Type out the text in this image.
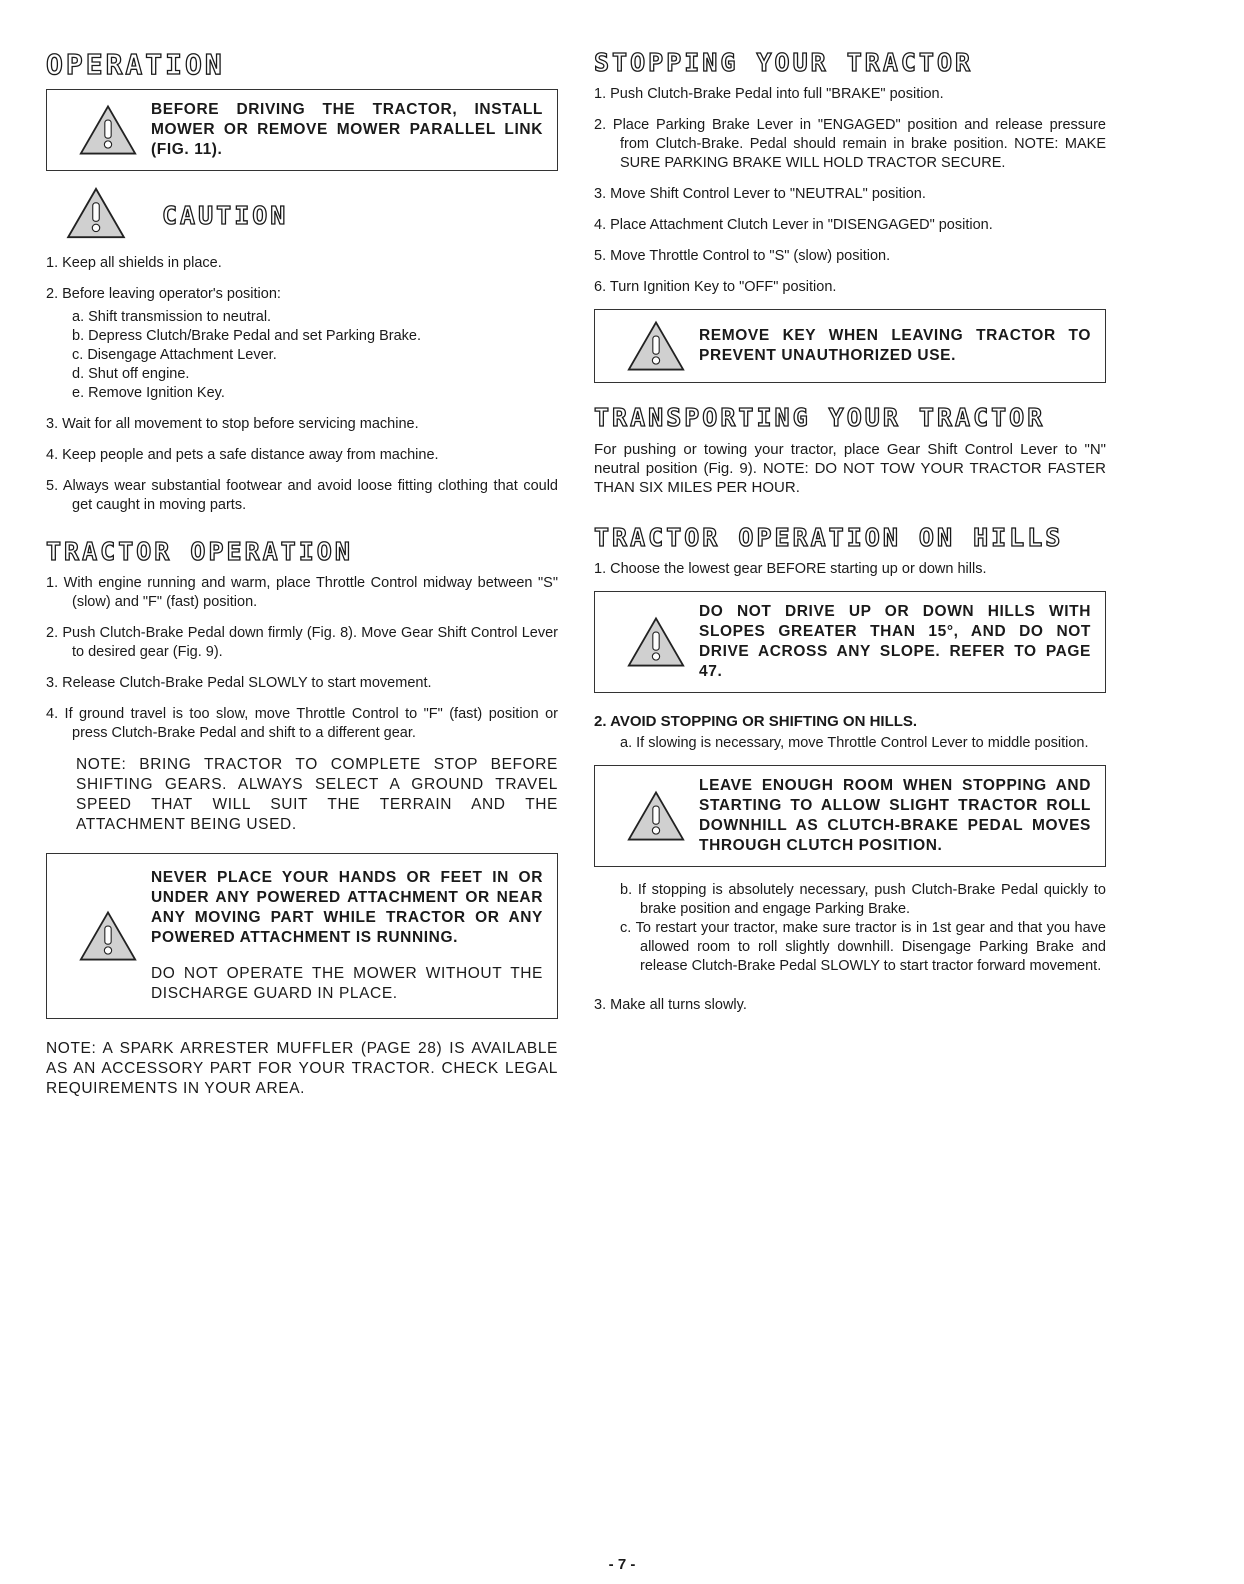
OPERATION

BEFORE DRIVING THE TRACTOR, INSTALL MOWER OR REMOVE MOWER PARALLEL LINK (FIG. 11).

CAUTION

1. Keep all shields in place.

2. Before leaving operator's position:

a. Shift transmission to neutral.
b. Depress Clutch/Brake Pedal and set Parking Brake.
c. Disengage Attachment Lever.
d. Shut off engine.
e. Remove Ignition Key.

3. Wait for all movement to stop before servicing machine.

4. Keep people and pets a safe distance away from machine.

5. Always wear substantial footwear and avoid loose fitting clothing that could get caught in moving parts.

TRACTOR OPERATION

1. With engine running and warm, place Throttle Control midway between "S" (slow) and "F" (fast) position.

2. Push Clutch-Brake Pedal down firmly (Fig. 8). Move Gear Shift Control Lever to desired gear (Fig. 9).

3. Release Clutch-Brake Pedal SLOWLY to start movement.

4. If ground travel is too slow, move Throttle Control to "F" (fast) position or press Clutch-Brake Pedal and shift to a different gear.

NOTE: BRING TRACTOR TO COMPLETE STOP BEFORE SHIFTING GEARS. ALWAYS SELECT A GROUND TRAVEL SPEED THAT WILL SUIT THE TERRAIN AND THE ATTACHMENT BEING USED.

NEVER PLACE YOUR HANDS OR FEET IN OR UNDER ANY POWERED ATTACHMENT OR NEAR ANY MOVING PART WHILE TRACTOR OR ANY POWERED ATTACHMENT IS RUNNING.

DO NOT OPERATE THE MOWER WITHOUT THE DISCHARGE GUARD IN PLACE.

NOTE: A SPARK ARRESTER MUFFLER (PAGE 28) IS AVAILABLE AS AN ACCESSORY PART FOR YOUR TRACTOR. CHECK LEGAL REQUIREMENTS IN YOUR AREA.

STOPPING YOUR TRACTOR

1. Push Clutch-Brake Pedal into full "BRAKE" position.

2. Place Parking Brake Lever in "ENGAGED" position and release pressure from Clutch-Brake. Pedal should remain in brake position. NOTE: MAKE SURE PARKING BRAKE WILL HOLD TRACTOR SECURE.

3. Move Shift Control Lever to "NEUTRAL" position.

4. Place Attachment Clutch Lever in "DISENGAGED" position.

5. Move Throttle Control to "S" (slow) position.

6. Turn Ignition Key to "OFF" position.

REMOVE KEY WHEN LEAVING TRACTOR TO PREVENT UNAUTHORIZED USE.

TRANSPORTING YOUR TRACTOR

For pushing or towing your tractor, place Gear Shift Control Lever to "N" neutral position (Fig. 9). NOTE: DO NOT TOW YOUR TRACTOR FASTER THAN SIX MILES PER HOUR.

TRACTOR OPERATION ON HILLS

1. Choose the lowest gear BEFORE starting up or down hills.

DO NOT DRIVE UP OR DOWN HILLS WITH SLOPES GREATER THAN 15°, AND DO NOT DRIVE ACROSS ANY SLOPE. REFER TO PAGE 47.

2. AVOID STOPPING OR SHIFTING ON HILLS.

a. If slowing is necessary, move Throttle Control Lever to middle position.

LEAVE ENOUGH ROOM WHEN STOPPING AND STARTING TO ALLOW SLIGHT TRACTOR ROLL DOWNHILL AS CLUTCH-BRAKE PEDAL MOVES THROUGH CLUTCH POSITION.

b. If stopping is absolutely necessary, push Clutch-Brake Pedal quickly to brake position and engage Parking Brake.
c. To restart your tractor, make sure tractor is in 1st gear and that you have allowed room to roll slightly downhill. Disengage Parking Brake and release Clutch-Brake Pedal SLOWLY to start tractor forward movement.

3. Make all turns slowly.

- 7 -
